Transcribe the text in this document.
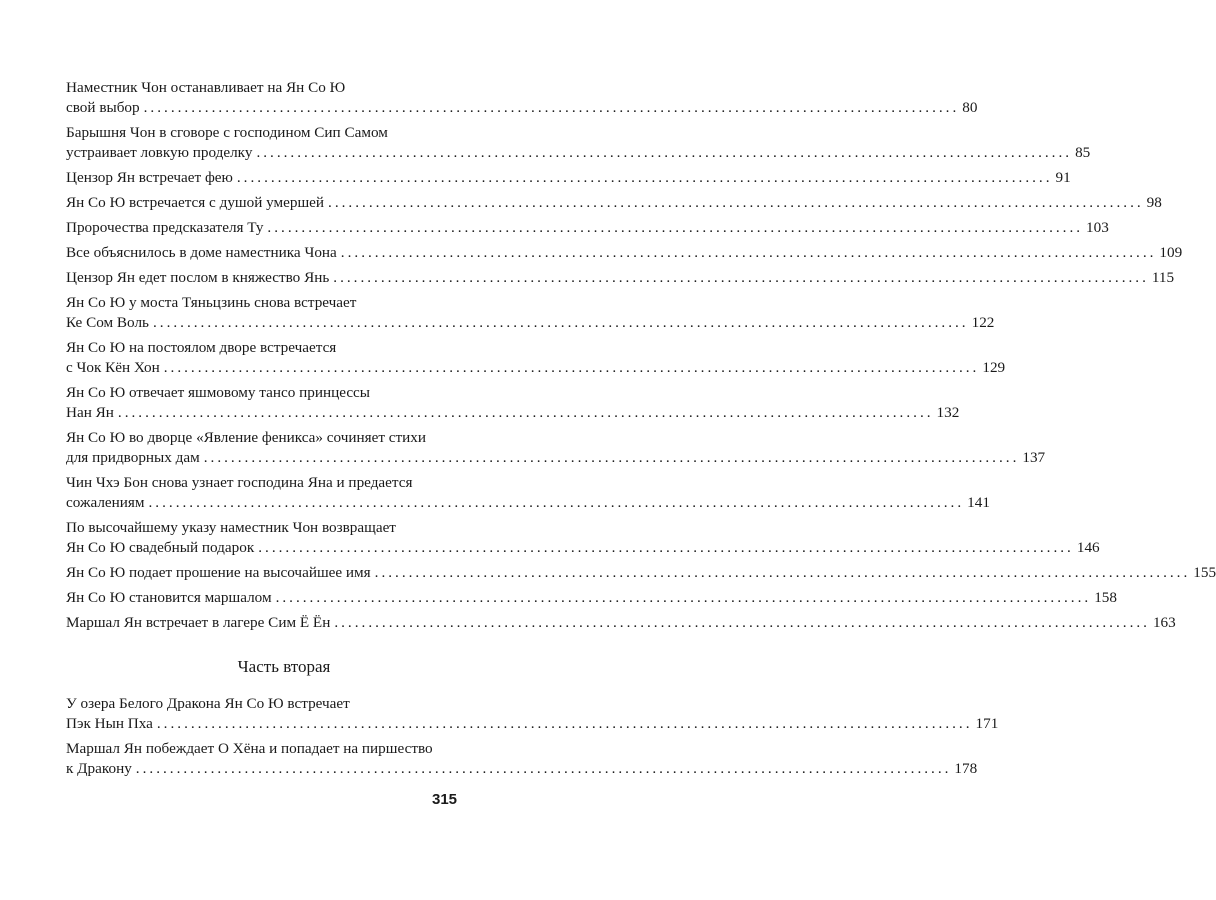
Наместник Чон останавливает на Ян Со Ю
свой выбор ........................................................................................................................ 80
Барышня Чон в сговоре с господином Сип Самом
устраивает ловкую проделку ........................................................................................................................ 85
Цензор Ян встречает фею ........................................................................................................................ 91
Ян Со Ю встречается с душой умершей ........................................................................................................................ 98
Пророчества предсказателя Ту ........................................................................................................................ 103
Все объяснилось в доме наместника Чона ........................................................................................................................ 109
Цензор Ян едет послом в княжество Янь ........................................................................................................................ 115
Ян Со Ю у моста Тяньцзинь снова встречает
Ке Сом Воль ........................................................................................................................ 122
Ян Со Ю на постоялом дворе встречается
с Чок Кён Хон ........................................................................................................................ 129
Ян Со Ю отвечает яшмовому тансо принцессы
Нан Ян ........................................................................................................................ 132
Ян Со Ю во дворце «Явление феникса» сочиняет стихи
для придворных дам ........................................................................................................................ 137
Чин Чхэ Бон снова узнает господина Яна и предается
сожалениям ........................................................................................................................ 141
По высочайшему указу наместник Чон возвращает
Ян Со Ю свадебный подарок ........................................................................................................................ 146
Ян Со Ю подает прошение на высочайшее имя ........................................................................................................................ 155
Ян Со Ю становится маршалом ........................................................................................................................ 158
Маршал Ян встречает в лагере Сим Ё Ён ........................................................................................................................ 163
Часть вторая
У озера Белого Дракона Ян Со Ю встречает
Пэк Нын Пха ........................................................................................................................ 171
Маршал Ян побеждает О Хёна и попадает на пиршество
к Дракону ........................................................................................................................ 178
315
